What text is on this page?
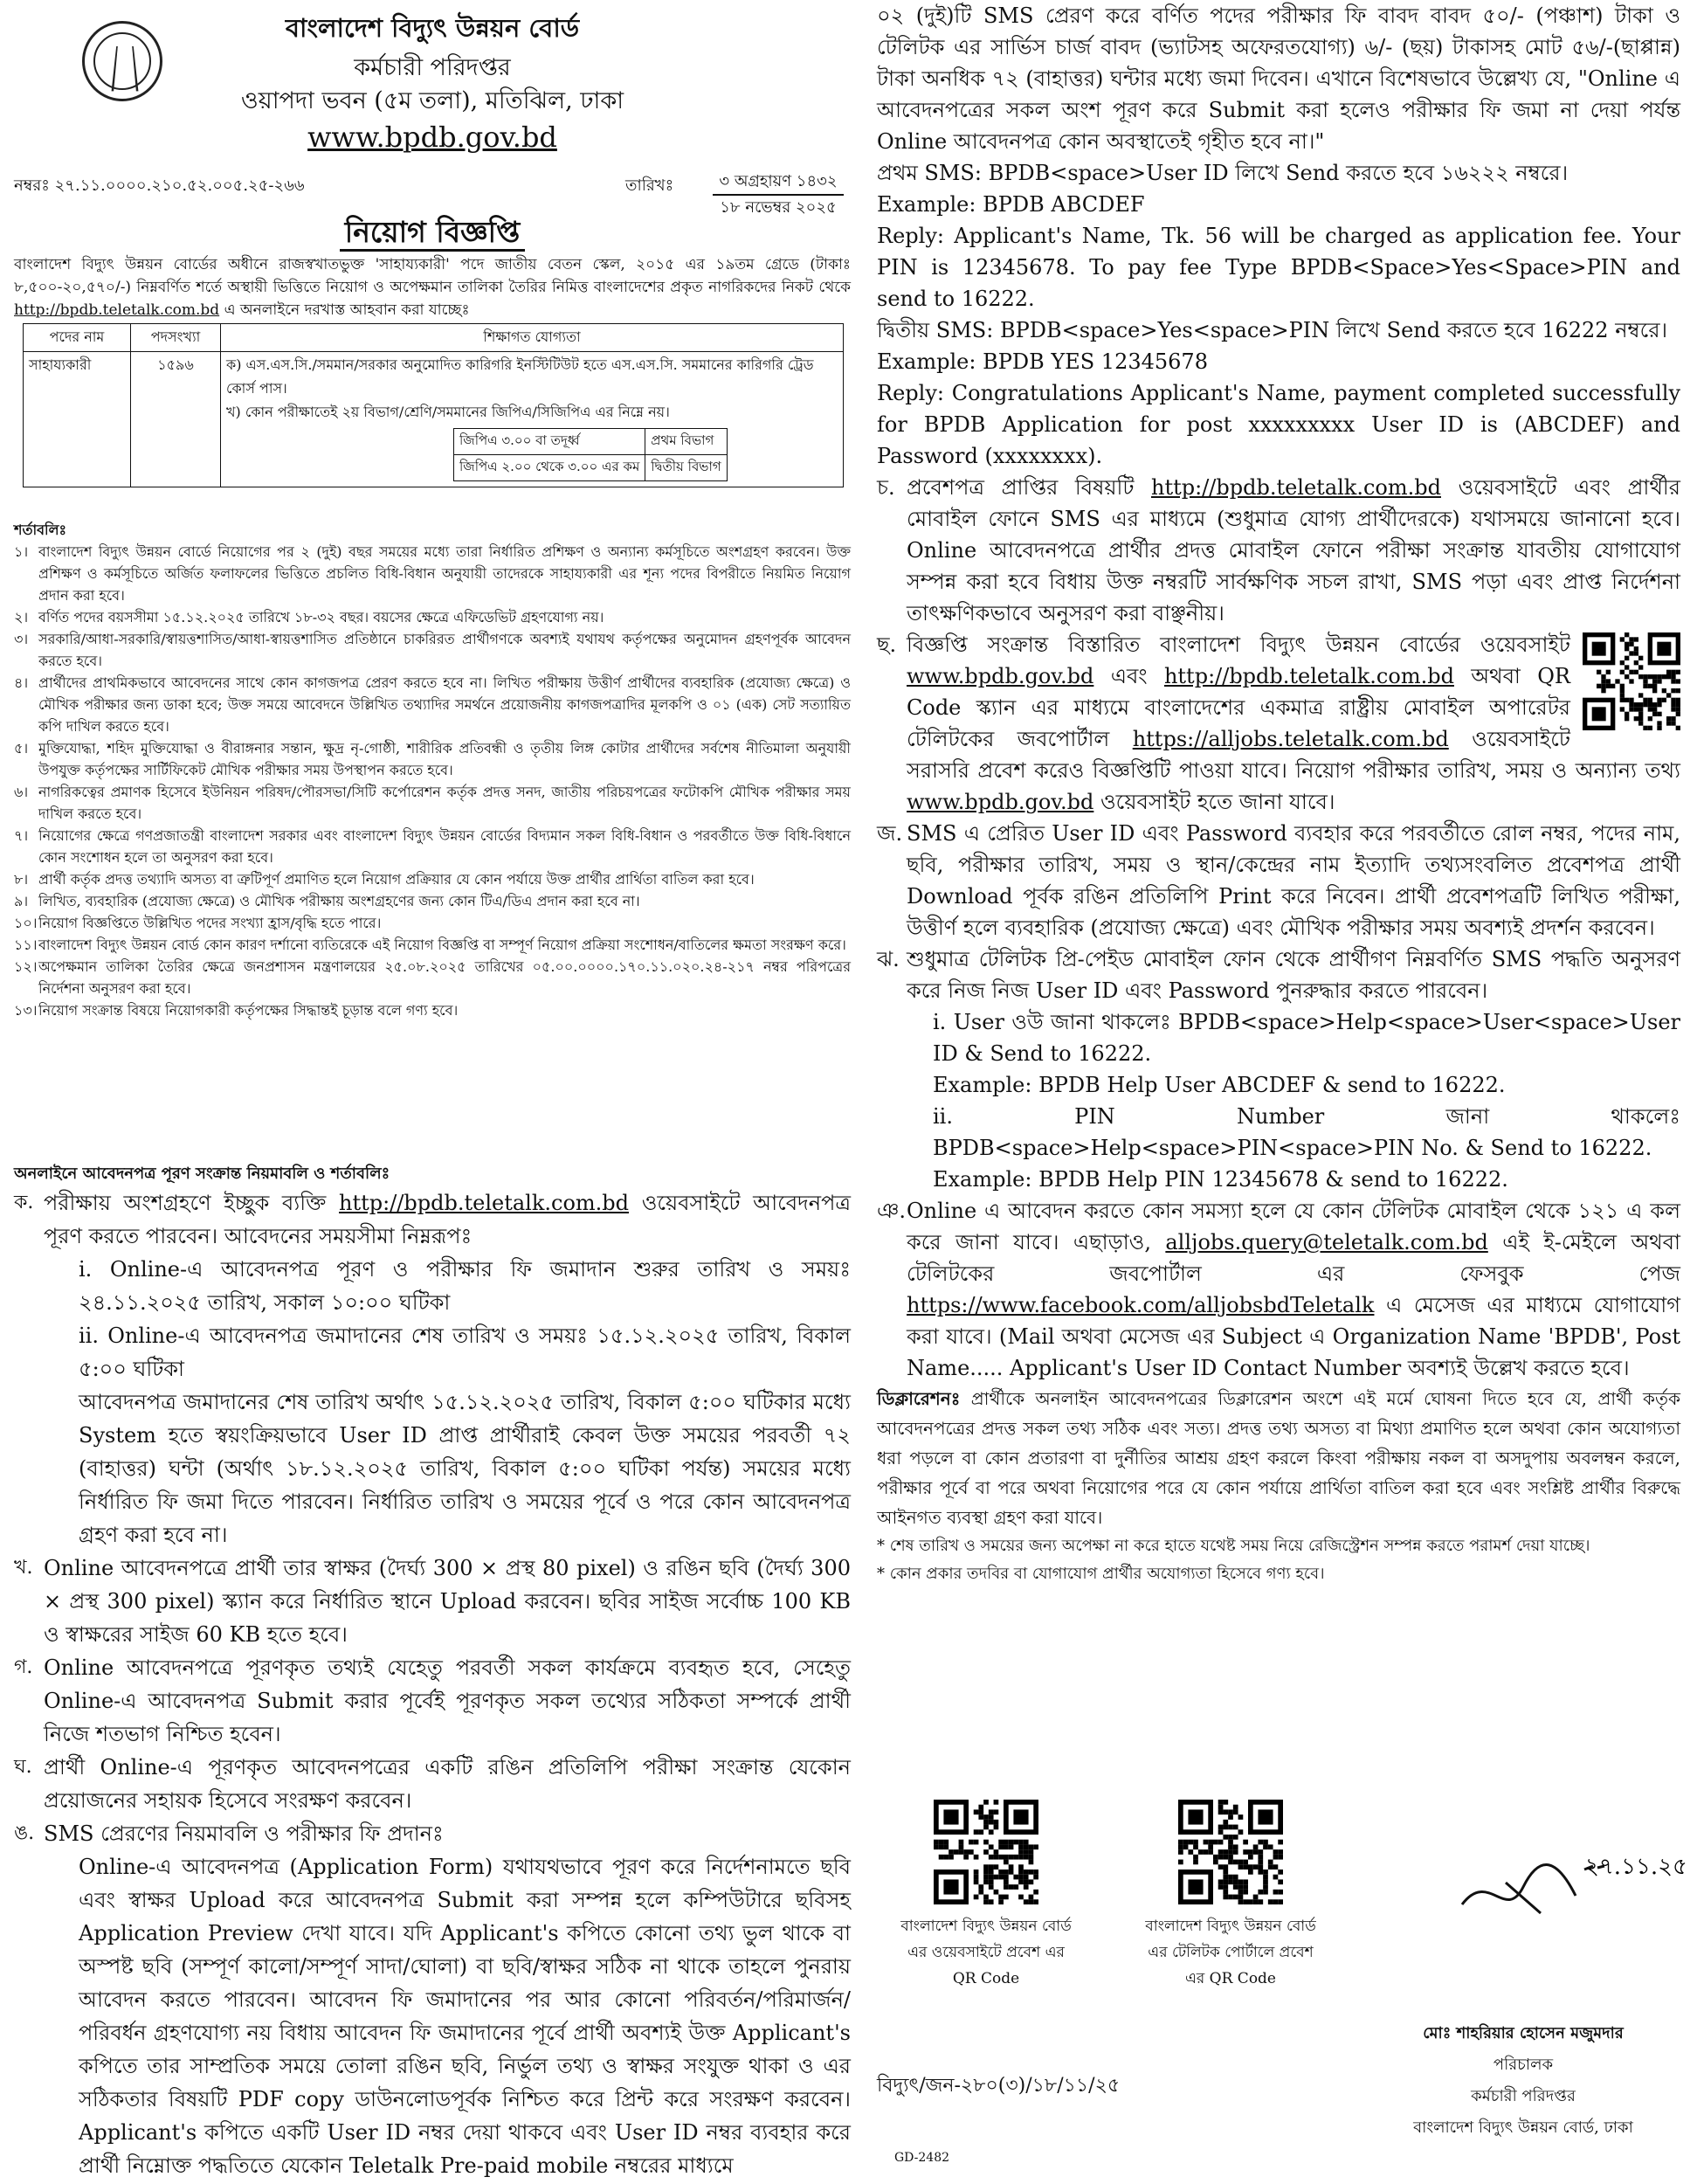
বাংলাদেশ বিদ্যুৎ উন্নয়ন বোর্ড
কর্মচারী পরিদপ্তর
ওয়াপদা ভবন (৫ম তলা), মতিঝিল, ঢাকা
www.bpdb.gov.bd
নম্বরঃ ২৭.১১.০০০০.২১০.৫২.০০৫.২৫-২৬৬	তারিখঃ	৩ অগ্রহায়ণ ১৪৩২
১৮ নভেম্বর ২০২৫
নিয়োগ বিজ্ঞপ্তি
বাংলাদেশ বিদ্যুৎ উন্নয়ন বোর্ডের অধীনে রাজস্বখাতভুক্ত 'সাহায্যকারী' পদে জাতীয় বেতন স্কেল, ২০১৫ এর ১৯তম গ্রেডে (টাকাঃ ৮,৫০০-২০,৫৭০/-) নিম্নবর্ণিত শর্তে অস্থায়ী ভিত্তিতে নিয়োগ ও অপেক্ষমান তালিকা তৈরির নিমিত্ত বাংলাদেশের প্রকৃত নাগরিকদের নিকট থেকে http://bpdb.teletalk.com.bd এ অনলাইনে দরখাস্ত আহবান করা যাচ্ছেঃ
পদের নাম	পদসংখ্যা	শিক্ষাগত যোগ্যতা
সাহায্যকারী	১৫৯৬	ক) এস.এস.সি./সমমান/সরকার অনুমোদিত কারিগরি ইনস্টিটিউট হতে এস.এস.সি. সমমানের কারিগরি ট্রেড কোর্স পাস।
খ) কোন পরীক্ষাতেই ২য় বিভাগ/শ্রেণি/সমমানের জিপিএ/সিজিপিএ এর নিম্নে নয়।
জিপিএ ৩.০০ বা তদূর্ধ্ব	প্রথম বিভাগ
জিপিএ ২.০০ থেকে ৩.০০ এর কম	দ্বিতীয় বিভাগ
শর্তাবলিঃ
১। বাংলাদেশ বিদ্যুৎ উন্নয়ন বোর্ডে নিয়োগের পর ২ (দুই) বছর সময়ের মধ্যে তারা নির্ধারিত প্রশিক্ষণ ও অন্যান্য কর্মসূচিতে অংশগ্রহণ করবেন। উক্ত প্রশিক্ষণ ও কর্মসূচিতে অর্জিত ফলাফলের ভিত্তিতে প্রচলিত বিধি-বিধান অনুযায়ী তাদেরকে সাহায্যকারী এর শূন্য পদের বিপরীতে নিয়মিত নিয়োগ প্রদান করা হবে।
২। বর্ণিত পদের বয়সসীমা ১৫.১২.২০২৫ তারিখে ১৮-৩২ বছর। বয়সের ক্ষেত্রে এফিডেভিট গ্রহণযোগ্য নয়।
৩। সরকারি/আধা-সরকারি/স্বায়ত্তশাসিত/আধা-স্বায়ত্তশাসিত প্রতিষ্ঠানে চাকরিরত প্রার্থীগণকে অবশ্যই যথাযথ কর্তৃপক্ষের অনুমোদন গ্রহণপূর্বক আবেদন করতে হবে।
৪। প্রার্থীদের প্রাথমিকভাবে আবেদনের সাথে কোন কাগজপত্র প্রেরণ করতে হবে না। লিখিত পরীক্ষায় উত্তীর্ণ প্রার্থীদের ব্যবহারিক (প্রযোজ্য ক্ষেত্রে) ও মৌখিক পরীক্ষার জন্য ডাকা হবে; উক্ত সময়ে আবেদনে উল্লিখিত তথ্যাদির সমর্থনে প্রয়োজনীয় কাগজপত্রাদির মূলকপি ও ০১ (এক) সেট সত্যায়িত কপি দাখিল করতে হবে।
৫। মুক্তিযোদ্ধা, শহিদ মুক্তিযোদ্ধা ও বীরাঙ্গনার সন্তান, ক্ষুদ্র নৃ-গোষ্ঠী, শারীরিক প্রতিবন্ধী ও তৃতীয় লিঙ্গ কোটার প্রার্থীদের সর্বশেষ নীতিমালা অনুযায়ী উপযুক্ত কর্তৃপক্ষের সার্টিফিকেট মৌখিক পরীক্ষার সময় উপস্থাপন করতে হবে।
৬। নাগরিকত্বের প্রমাণক হিসেবে ইউনিয়ন পরিষদ/পৌরসভা/সিটি কর্পোরেশন কর্তৃক প্রদত্ত সনদ, জাতীয় পরিচয়পত্রের ফটোকপি মৌখিক পরীক্ষার সময় দাখিল করতে হবে।
৭। নিয়োগের ক্ষেত্রে গণপ্রজাতন্ত্রী বাংলাদেশ সরকার এবং বাংলাদেশ বিদ্যুৎ উন্নয়ন বোর্ডের বিদ্যমান সকল বিধি-বিধান ও পরবর্তীতে উক্ত বিধি-বিধানে কোন সংশোধন হলে তা অনুসরণ করা হবে।
৮। প্রার্থী কর্তৃক প্রদত্ত তথ্যাদি অসত্য বা ত্রুটিপূর্ণ প্রমাণিত হলে নিয়োগ প্রক্রিয়ার যে কোন পর্যায়ে উক্ত প্রার্থীর প্রার্থিতা বাতিল করা হবে।
৯। লিখিত, ব্যবহারিক (প্রযোজ্য ক্ষেত্রে) ও মৌখিক পরীক্ষায় অংশগ্রহণের জন্য কোন টিএ/ডিএ প্রদান করা হবে না।
১০। নিয়োগ বিজ্ঞপ্তিতে উল্লিখিত পদের সংখ্যা হ্রাস/বৃদ্ধি হতে পারে।
১১। বাংলাদেশ বিদ্যুৎ উন্নয়ন বোর্ড কোন কারণ দর্শানো ব্যতিরেকে এই নিয়োগ বিজ্ঞপ্তি বা সম্পূর্ণ নিয়োগ প্রক্রিয়া সংশোধন/বাতিলের ক্ষমতা সংরক্ষণ করে।
১২। অপেক্ষমান তালিকা তৈরির ক্ষেত্রে জনপ্রশাসন মন্ত্রণালয়ের ২৫.০৮.২০২৫ তারিখের ০৫.০০.০০০০.১৭০.১১.০২০.২৪-২১৭ নম্বর পরিপত্রের নির্দেশনা অনুসরণ করা হবে।
১৩। নিয়োগ সংক্রান্ত বিষয়ে নিয়োগকারী কর্তৃপক্ষের সিদ্ধান্তই চূড়ান্ত বলে গণ্য হবে।
অনলাইনে আবেদনপত্র পূরণ সংক্রান্ত নিয়মাবলি ও শর্তাবলিঃ
ক. পরীক্ষায় অংশগ্রহণে ইচ্ছুক ব্যক্তি http://bpdb.teletalk.com.bd ওয়েবসাইটে আবেদনপত্র পূরণ করতে পারবেন। আবেদনের সময়সীমা নিম্নরূপঃ
i. Online-এ আবেদনপত্র পূরণ ও পরীক্ষার ফি জমাদান শুরুর তারিখ ও সময়ঃ ২৪.১১.২০২৫ তারিখ, সকাল ১০:০০ ঘটিকা
ii. Online-এ আবেদনপত্র জমাদানের শেষ তারিখ ও সময়ঃ ১৫.১২.২০২৫ তারিখ, বিকাল ৫:০০ ঘটিকা
আবেদনপত্র জমাদানের শেষ তারিখ অর্থাৎ ১৫.১২.২০২৫ তারিখ, বিকাল ৫:০০ ঘটিকার মধ্যে System হতে স্বয়ংক্রিয়ভাবে User ID প্রাপ্ত প্রার্থীরাই কেবল উক্ত সময়ের পরবর্তী ৭২ (বাহাত্তর) ঘন্টা (অর্থাৎ ১৮.১২.২০২৫ তারিখ, বিকাল ৫:০০ ঘটিকা পর্যন্ত) সময়ের মধ্যে নির্ধারিত ফি জমা দিতে পারবেন। নির্ধারিত তারিখ ও সময়ের পূর্বে ও পরে কোন আবেদনপত্র গ্রহণ করা হবে না।
খ. Online আবেদনপত্রে প্রার্থী তার স্বাক্ষর (দৈর্ঘ্য 300 × প্রস্থ 80 pixel) ও রঙিন ছবি (দৈর্ঘ্য 300 × প্রস্থ 300 pixel) স্ক্যান করে নির্ধারিত স্থানে Upload করবেন। ছবির সাইজ সর্বোচ্চ 100 KB ও স্বাক্ষরের সাইজ 60 KB হতে হবে।
গ. Online আবেদনপত্রে পূরণকৃত তথ্যই যেহেতু পরবর্তী সকল কার্যক্রমে ব্যবহৃত হবে, সেহেতু Online-এ আবেদনপত্র Submit করার পূর্বেই পূরণকৃত সকল তথ্যের সঠিকতা সম্পর্কে প্রার্থী নিজে শতভাগ নিশ্চিত হবেন।
ঘ. প্রার্থী Online-এ পূরণকৃত আবেদনপত্রের একটি রঙিন প্রতিলিপি পরীক্ষা সংক্রান্ত যেকোন প্রয়োজনের সহায়ক হিসেবে সংরক্ষণ করবেন।
ঙ. SMS প্রেরণের নিয়মাবলি ও পরীক্ষার ফি প্রদানঃ
Online-এ আবেদনপত্র (Application Form) যথাযথভাবে পূরণ করে নির্দেশনামতে ছবি এবং স্বাক্ষর Upload করে আবেদনপত্র Submit করা সম্পন্ন হলে কম্পিউটারে ছবিসহ Application Preview দেখা যাবে। যদি Applicant's কপিতে কোনো তথ্য ভুল থাকে বা অস্পষ্ট ছবি (সম্পূর্ণ কালো/সম্পূর্ণ সাদা/ঘোলা) বা ছবি/স্বাক্ষর সঠিক না থাকে তাহলে পুনরায় আবেদন করতে পারবেন। আবেদন ফি জমাদানের পর আর কোনো পরিবর্তন/পরিমার্জন/পরিবর্ধন গ্রহণযোগ্য নয় বিধায় আবেদন ফি জমাদানের পূর্বে প্রার্থী অবশ্যই উক্ত Applicant's কপিতে তার সাম্প্রতিক সময়ে তোলা রঙিন ছবি, নির্ভুল তথ্য ও স্বাক্ষর সংযুক্ত থাকা ও এর সঠিকতার বিষয়টি PDF copy ডাউনলোডপূর্বক নিশ্চিত করে প্রিন্ট করে সংরক্ষণ করবেন। Applicant's কপিতে একটি User ID নম্বর দেয়া থাকবে এবং User ID নম্বর ব্যবহার করে প্রার্থী নিম্নোক্ত পদ্ধতিতে যেকোন Teletalk Pre-paid mobile নম্বরের মাধ্যমে
০২ (দুই)টি SMS প্রেরণ করে বর্ণিত পদের পরীক্ষার ফি বাবদ বাবদ ৫০/- (পঞ্চাশ) টাকা ও টেলিটক এর সার্ভিস চার্জ বাবদ (ভ্যাটসহ অফেরতযোগ্য) ৬/- (ছয়) টাকাসহ মোট ৫৬/-(ছাপ্পান্ন) টাকা অনধিক ৭২ (বাহাত্তর) ঘন্টার মধ্যে জমা দিবেন। এখানে বিশেষভাবে উল্লেখ্য যে, "Online এ আবেদনপত্রের সকল অংশ পূরণ করে Submit করা হলেও পরীক্ষার ফি জমা না দেয়া পর্যন্ত Online আবেদনপত্র কোন অবস্থাতেই গৃহীত হবে না।"
প্রথম SMS: BPDB<space>User ID লিখে Send করতে হবে ১৬২২২ নম্বরে।
Example: BPDB ABCDEF
Reply: Applicant's Name, Tk. 56 will be charged as application fee. Your PIN is 12345678. To pay fee Type BPDB<Space>Yes<Space>PIN and send to 16222.
দ্বিতীয় SMS: BPDB<space>Yes<space>PIN লিখে Send করতে হবে 16222 নম্বরে।
Example: BPDB YES 12345678
Reply: Congratulations Applicant's Name, payment completed successfully for BPDB Application for post xxxxxxxxx User ID is (ABCDEF) and Password (xxxxxxxx).
চ. প্রবেশপত্র প্রাপ্তির বিষয়টি http://bpdb.teletalk.com.bd ওয়েবসাইটে এবং প্রার্থীর মোবাইল ফোনে SMS এর মাধ্যমে (শুধুমাত্র যোগ্য প্রার্থীদেরকে) যথাসময়ে জানানো হবে। Online আবেদনপত্রে প্রার্থীর প্রদত্ত মোবাইল ফোনে পরীক্ষা সংক্রান্ত যাবতীয় যোগাযোগ সম্পন্ন করা হবে বিধায় উক্ত নম্বরটি সার্বক্ষণিক সচল রাখা, SMS পড়া এবং প্রাপ্ত নির্দেশনা তাৎক্ষণিকভাবে অনুসরণ করা বাঞ্ছনীয়।
ছ. বিজ্ঞপ্তি সংক্রান্ত বিস্তারিত বাংলাদেশ বিদ্যুৎ উন্নয়ন বোর্ডের ওয়েবসাইট www.bpdb.gov.bd এবং http://bpdb.teletalk.com.bd অথবা QR Code স্ক্যান এর মাধ্যমে বাংলাদেশের একমাত্র রাষ্ট্রীয় মোবাইল অপারেটর টেলিটকের জবপোর্টাল https://alljobs.teletalk.com.bd ওয়েবসাইটে সরাসরি প্রবেশ করেও বিজ্ঞপ্তিটি পাওয়া যাবে। নিয়োগ পরীক্ষার তারিখ, সময় ও অন্যান্য তথ্য www.bpdb.gov.bd ওয়েবসাইট হতে জানা যাবে।
জ. SMS এ প্রেরিত User ID এবং Password ব্যবহার করে পরবর্তীতে রোল নম্বর, পদের নাম, ছবি, পরীক্ষার তারিখ, সময় ও স্থান/কেন্দ্রের নাম ইত্যাদি তথ্যসংবলিত প্রবেশপত্র প্রার্থী Download পূর্বক রঙিন প্রতিলিপি Print করে নিবেন। প্রার্থী প্রবেশপত্রটি লিখিত পরীক্ষা, উত্তীর্ণ হলে ব্যবহারিক (প্রযোজ্য ক্ষেত্রে) এবং মৌখিক পরীক্ষার সময় অবশ্যই প্রদর্শন করবেন।
ঝ. শুধুমাত্র টেলিটক প্রি-পেইড মোবাইল ফোন থেকে প্রার্থীগণ নিম্নবর্ণিত SMS পদ্ধতি অনুসরণ করে নিজ নিজ User ID এবং Password পুনরুদ্ধার করতে পারবেন।
i. User ওউ জানা থাকলেঃ BPDB<space>Help<space>User<space>User ID & Send to 16222.
Example: BPDB Help User ABCDEF & send to 16222.
ii. PIN Number জানা থাকলেঃ BPDB<space>Help<space>PIN<space>PIN No. & Send to 16222.
Example: BPDB Help PIN 12345678 & send to 16222.
ঞ. Online এ আবেদন করতে কোন সমস্যা হলে যে কোন টেলিটক মোবাইল থেকে ১২১ এ কল করে জানা যাবে। এছাড়াও, alljobs.query@teletalk.com.bd এই ই-মেইলে অথবা টেলিটকের জবপোর্টাল এর ফেসবুক পেজ https://www.facebook.com/alljobsbdTeletalk এ মেসেজ এর মাধ্যমে যোগাযোগ করা যাবে। (Mail অথবা মেসেজ এর Subject এ Organization Name 'BPDB', Post Name..... Applicant's User ID Contact Number অবশ্যই উল্লেখ করতে হবে।
ডিক্লারেশনঃ প্রার্থীকে অনলাইন আবেদনপত্রের ডিক্লারেশন অংশে এই মর্মে ঘোষনা দিতে হবে যে, প্রার্থী কর্তৃক আবেদনপত্রের প্রদত্ত সকল তথ্য সঠিক এবং সত্য। প্রদত্ত তথ্য অসত্য বা মিথ্যা প্রমাণিত হলে অথবা কোন অযোগ্যতা ধরা পড়লে বা কোন প্রতারণা বা দুর্নীতির আশ্রয় গ্রহণ করলে কিংবা পরীক্ষায় নকল বা অসদুপায় অবলম্বন করলে, পরীক্ষার পূর্বে বা পরে অথবা নিয়োগের পরে যে কোন পর্যায়ে প্রার্থিতা বাতিল করা হবে এবং সংশ্লিষ্ট প্রার্থীর বিরুদ্ধে আইনগত ব্যবস্থা গ্রহণ করা যাবে।
* শেষ তারিখ ও সময়ের জন্য অপেক্ষা না করে হাতে যথেষ্ট সময় নিয়ে রেজিস্ট্রেশন সম্পন্ন করতে পরামর্শ দেয়া যাচ্ছে।
* কোন প্রকার তদবির বা যোগাযোগ প্রার্থীর অযোগ্যতা হিসেবে গণ্য হবে।
বাংলাদেশ বিদ্যুৎ উন্নয়ন বোর্ড
এর ওয়েবসাইটে প্রবেশ এর
QR Code
বাংলাদেশ বিদ্যুৎ উন্নয়ন বোর্ড
এর টেলিটক পোর্টালে প্রবেশ
এর QR Code
২৭.১১.২৫
মোঃ শাহরিয়ার হোসেন মজুমদার
পরিচালক
কর্মচারী পরিদপ্তর
বাংলাদেশ বিদ্যুৎ উন্নয়ন বোর্ড, ঢাকা
বিদ্যুৎ/জন-২৮০(৩)/১৮/১১/২৫
GD-2482
